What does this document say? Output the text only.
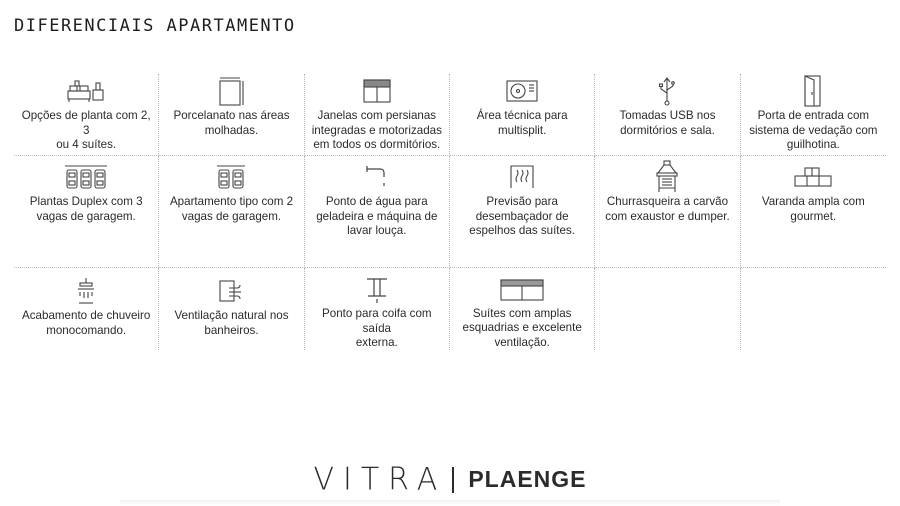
DIFERENCIAIS APARTAMENTO
Opções de planta com 2, 3
ou 4 suítes.
Porcelanato nas áreas
molhadas.
Janelas com persianas
integradas e motorizadas
em todos os dormitórios.
Área técnica para
multisplit.
Tomadas USB nos
dormitórios e sala.
Porta de entrada com
sistema de vedação com
guilhotina.
Plantas Duplex com 3
vagas de garagem.
Apartamento tipo com 2
vagas de garagem.
Ponto de água para
geladeira e máquina de
lavar louça.
Previsão para
desembaçador de
espelhos das suítes.
Churrasqueira a carvão
com exaustor e dumper.
Varanda ampla com
gourmet.
Acabamento de chuveiro
monocomando.
Ventilação natural nos
banheiros.
Ponto para coifa com saída
externa.
Suítes com amplas
esquadrias e excelente
ventilação.
VITRA PLAENGE
